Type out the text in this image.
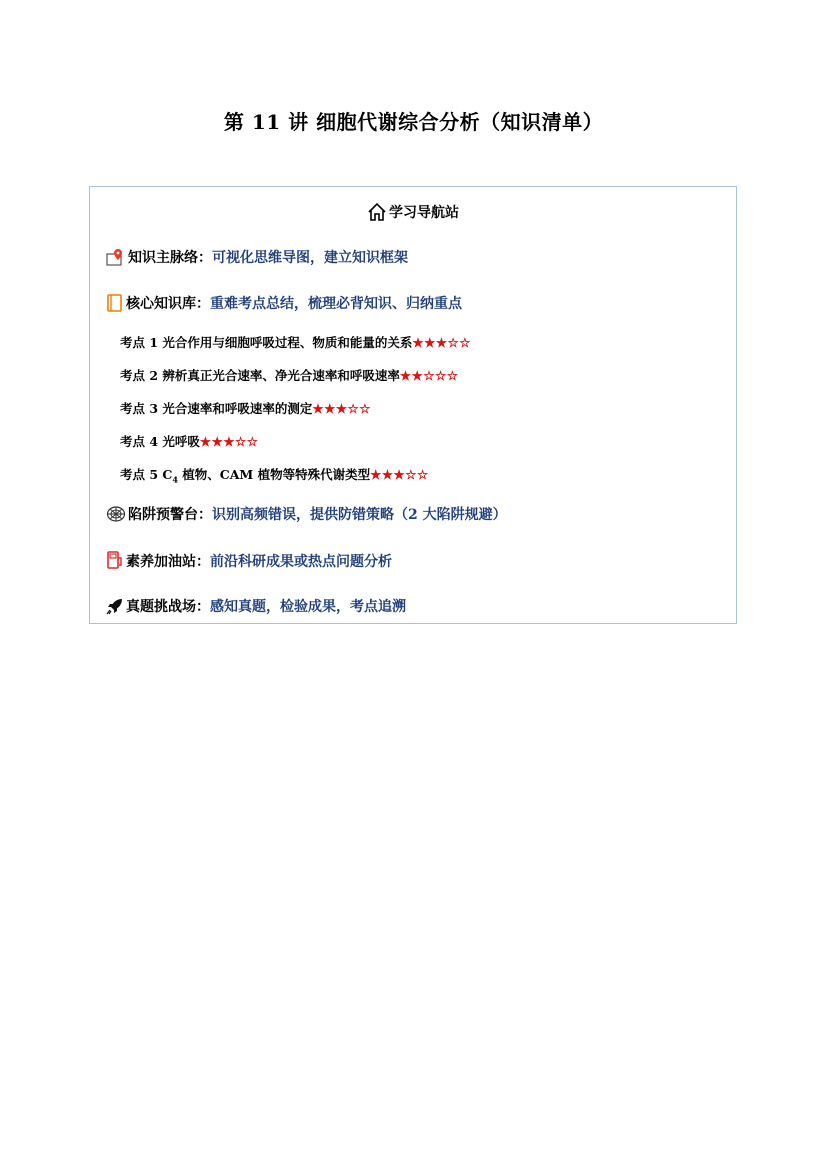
第 11 讲 细胞代谢综合分析（知识清单）
学习导航站
知识主脉络：可视化思维导图，建立知识框架
核心知识库：重难考点总结，梳理必背知识、归纳重点
考点 1 光合作用与细胞呼吸过程、物质和能量的关系★★★☆☆
考点 2 辨析真正光合速率、净光合速率和呼吸速率★★☆☆☆
考点 3 光合速率和呼吸速率的测定★★★☆☆
考点 4 光呼吸★★★☆☆
考点 5 $C_4$ 植物、CAM 植物等特殊代谢类型★★★☆☆
陷阱预警台：识别高频错误，提供防错策略（2 大陷阱规避）
素养加油站：前沿科研成果或热点问题分析
真题挑战场：感知真题，检验成果，考点追溯
